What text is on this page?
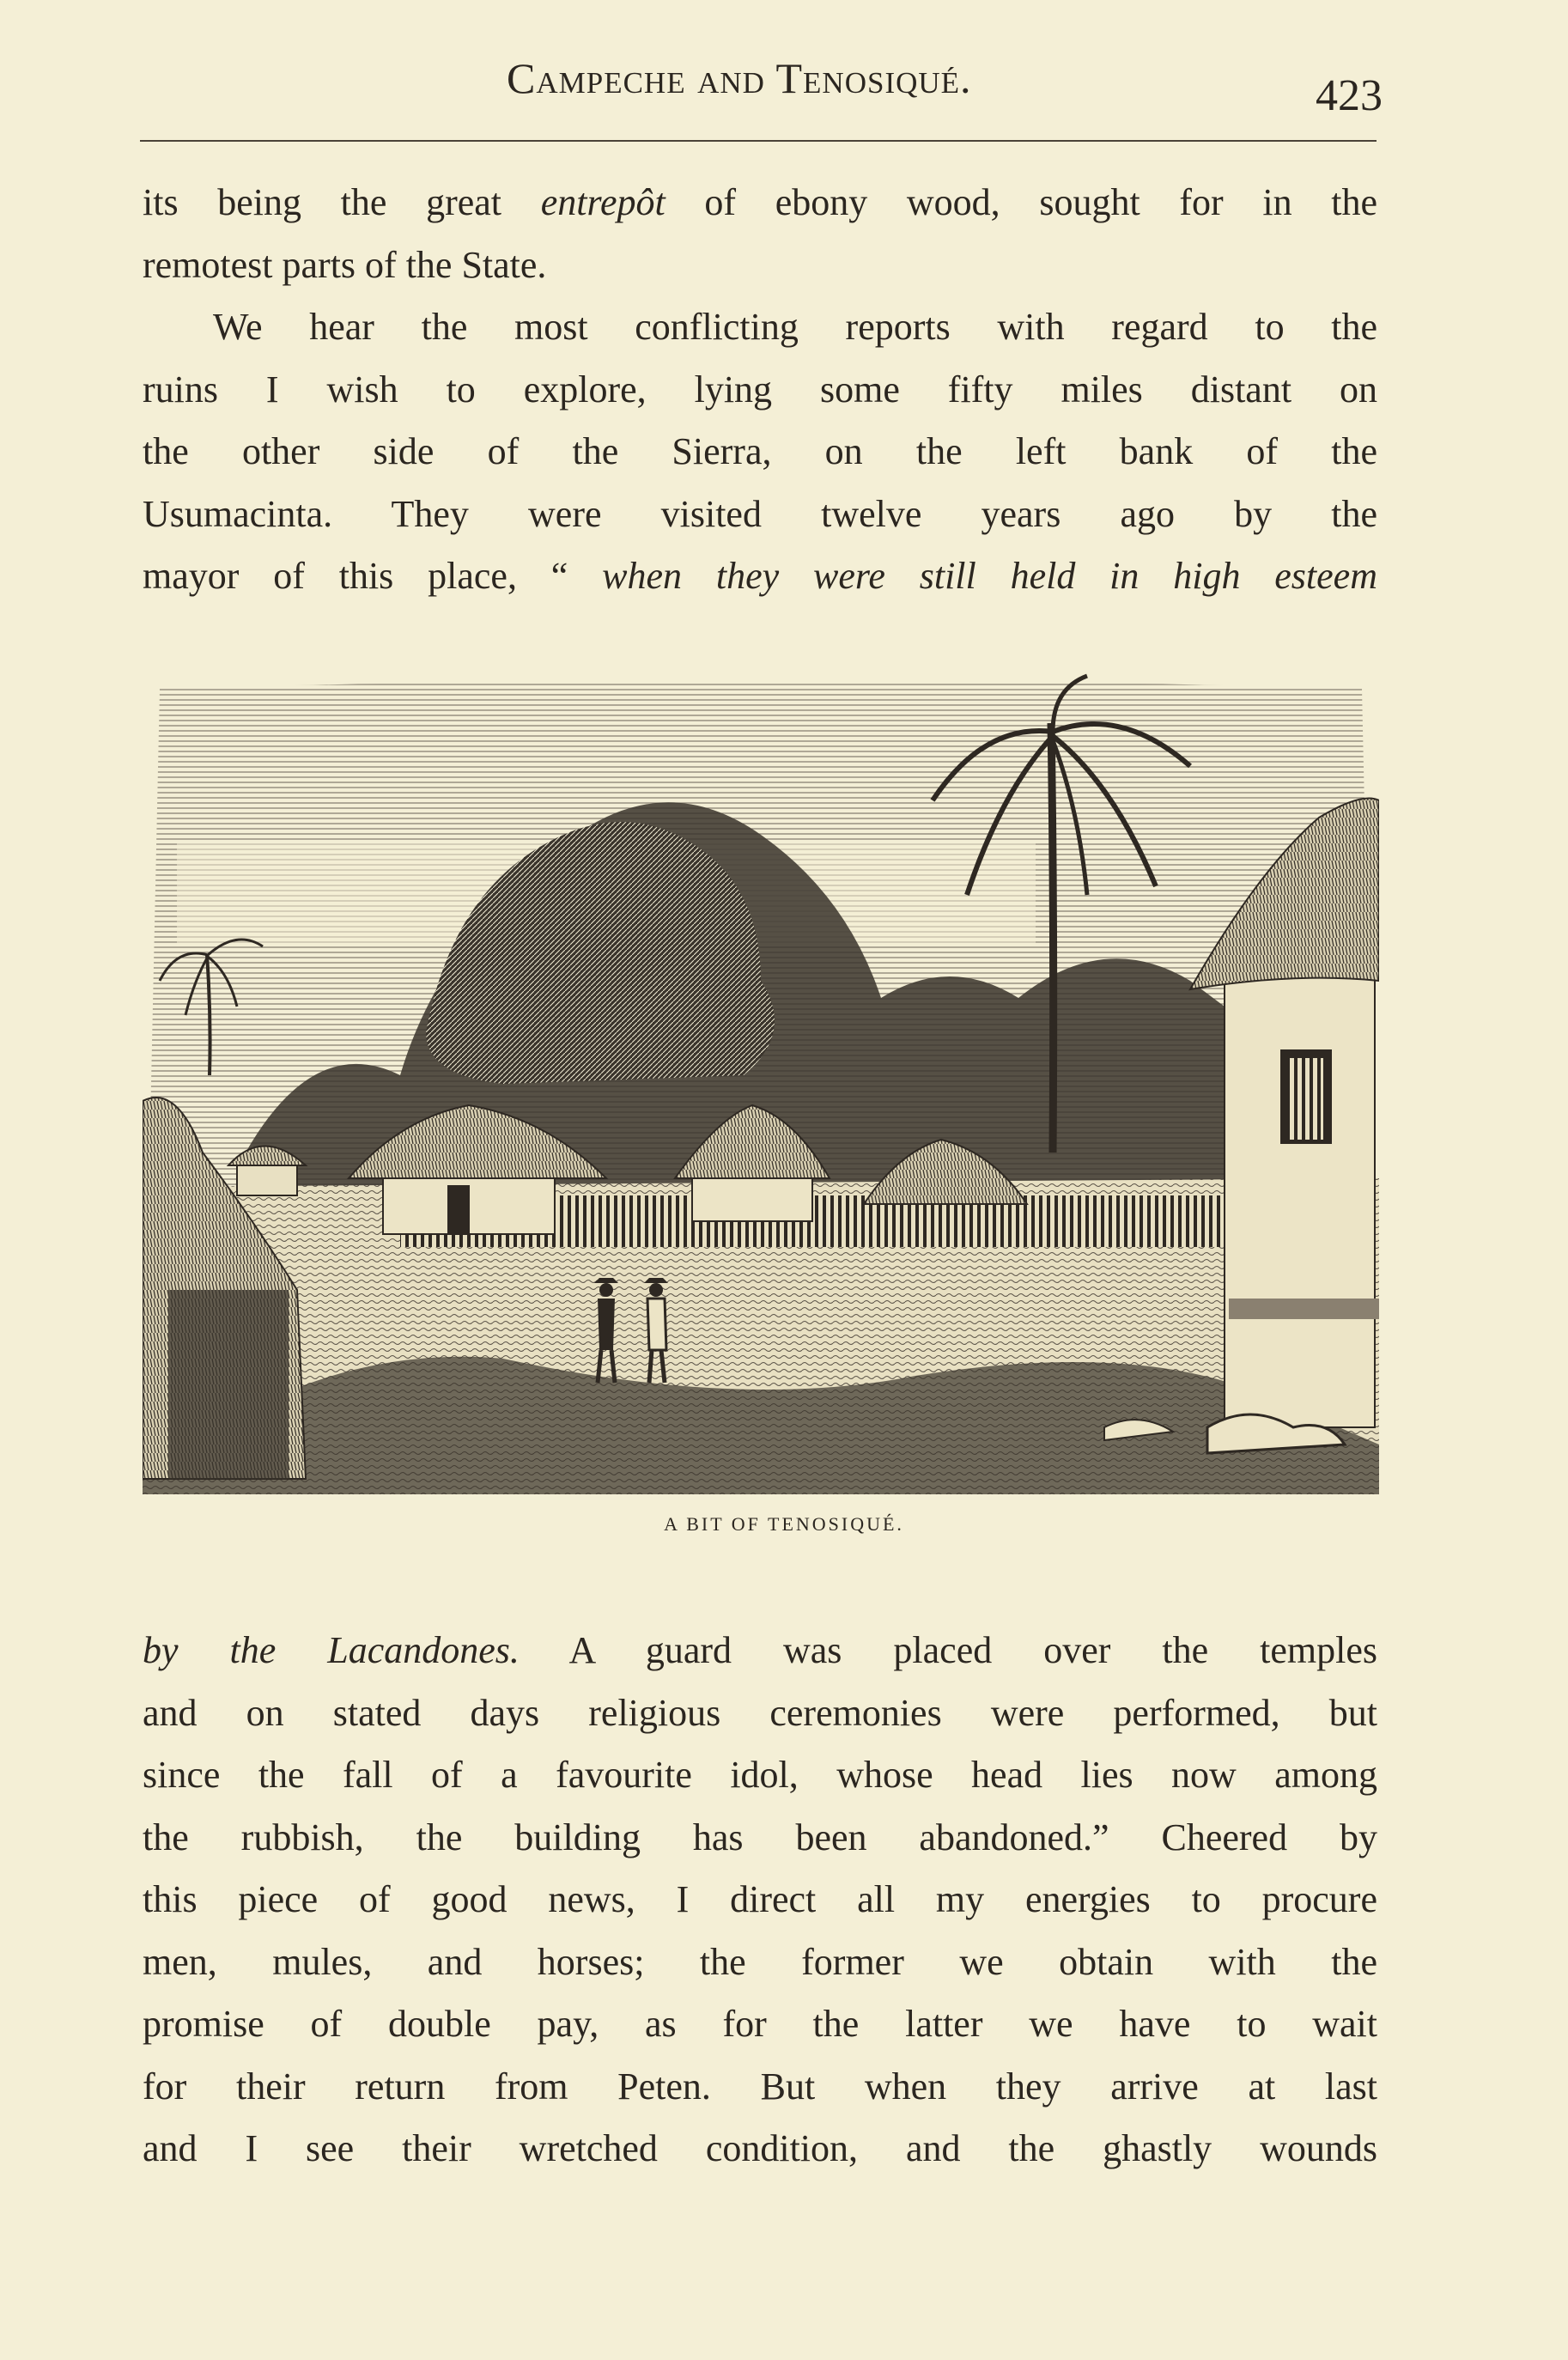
Campeche and Tenosiqué.	423
its being the great entrepôt of ebony wood, sought for in the
remotest parts of the State.
We hear the most conflicting reports with regard to the
ruins I wish to explore, lying some fifty miles distant on
the other side of the Sierra, on the left bank of the
Usumacinta. They were visited twelve years ago by the
mayor of this place, “ when they were still held in high esteem
A BIT OF TENOSIQUÉ.
by the Lacandones. A guard was placed over the temples
and on stated days religious ceremonies were performed, but
since the fall of a favourite idol, whose head lies now among
the rubbish, the building has been abandoned.” Cheered by
this piece of good news, I direct all my energies to procure
men, mules, and horses; the former we obtain with the
promise of double pay, as for the latter we have to wait
for their return from Peten. But when they arrive at last
and I see their wretched condition, and the ghastly wounds
